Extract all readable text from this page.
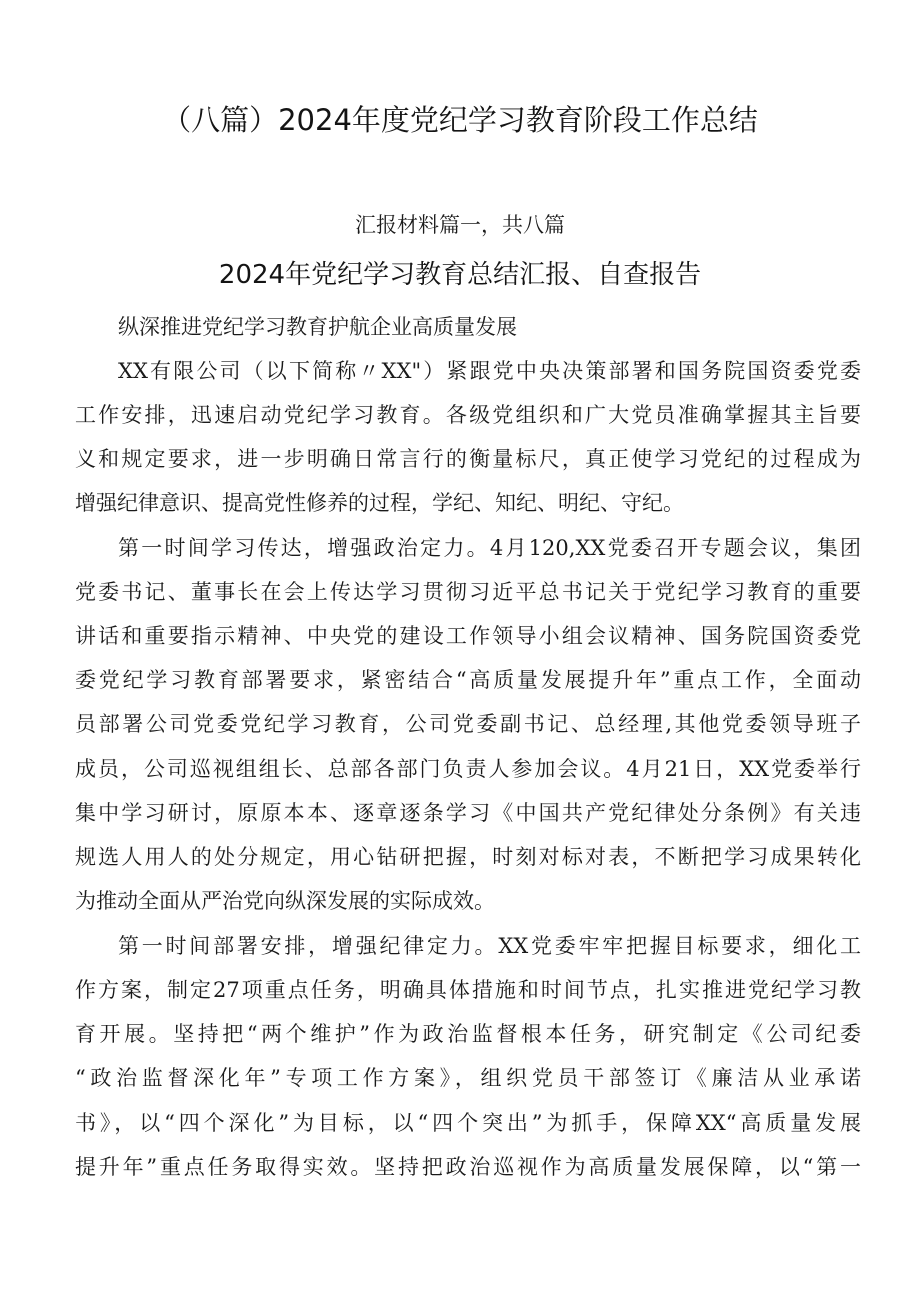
（八篇）2024年度党纪学习教育阶段工作总结
汇报材料篇一，共八篇
2024年党纪学习教育总结汇报、自查报告
纵深推进党纪学习教育护航企业高质量发展
XX有限公司（以下简称〃XX"）紧跟党中央决策部署和国务院国资委党委
工作安排，迅速启动党纪学习教育。各级党组织和广大党员准确掌握其主旨要
义和规定要求，进一步明确日常言行的衡量标尺，真正使学习党纪的过程成为
增强纪律意识、提高党性修养的过程，学纪、知纪、明纪、守纪。
第一时间学习传达，增强政治定力。4月120,XX党委召开专题会议，集团
党委书记、董事长在会上传达学习贯彻习近平总书记关于党纪学习教育的重要
讲话和重要指示精神、中央党的建设工作领导小组会议精神、国务院国资委党
委党纪学习教育部署要求，紧密结合“高质量发展提升年”重点工作，全面动
员部署公司党委党纪学习教育，公司党委副书记、总经理,其他党委领导班子
成员，公司巡视组组长、总部各部门负责人参加会议。4月21日，XX党委举行
集中学习研讨，原原本本、逐章逐条学习《中国共产党纪律处分条例》有关违
规选人用人的处分规定，用心钻研把握，时刻对标对表，不断把学习成果转化
为推动全面从严治党向纵深发展的实际成效。
第一时间部署安排，增强纪律定力。XX党委牢牢把握目标要求，细化工
作方案，制定27项重点任务，明确具体措施和时间节点，扎实推进党纪学习教
育开展。坚持把“两个维护”作为政治监督根本任务，研究制定《公司纪委
“政治监督深化年”专项工作方案》，组织党员干部签订《廉洁从业承诺
书》，以“四个深化”为目标，以“四个突出”为抓手，保障XX“高质量发展
提升年”重点任务取得实效。坚持把政治巡视作为高质量发展保障，以“第一
